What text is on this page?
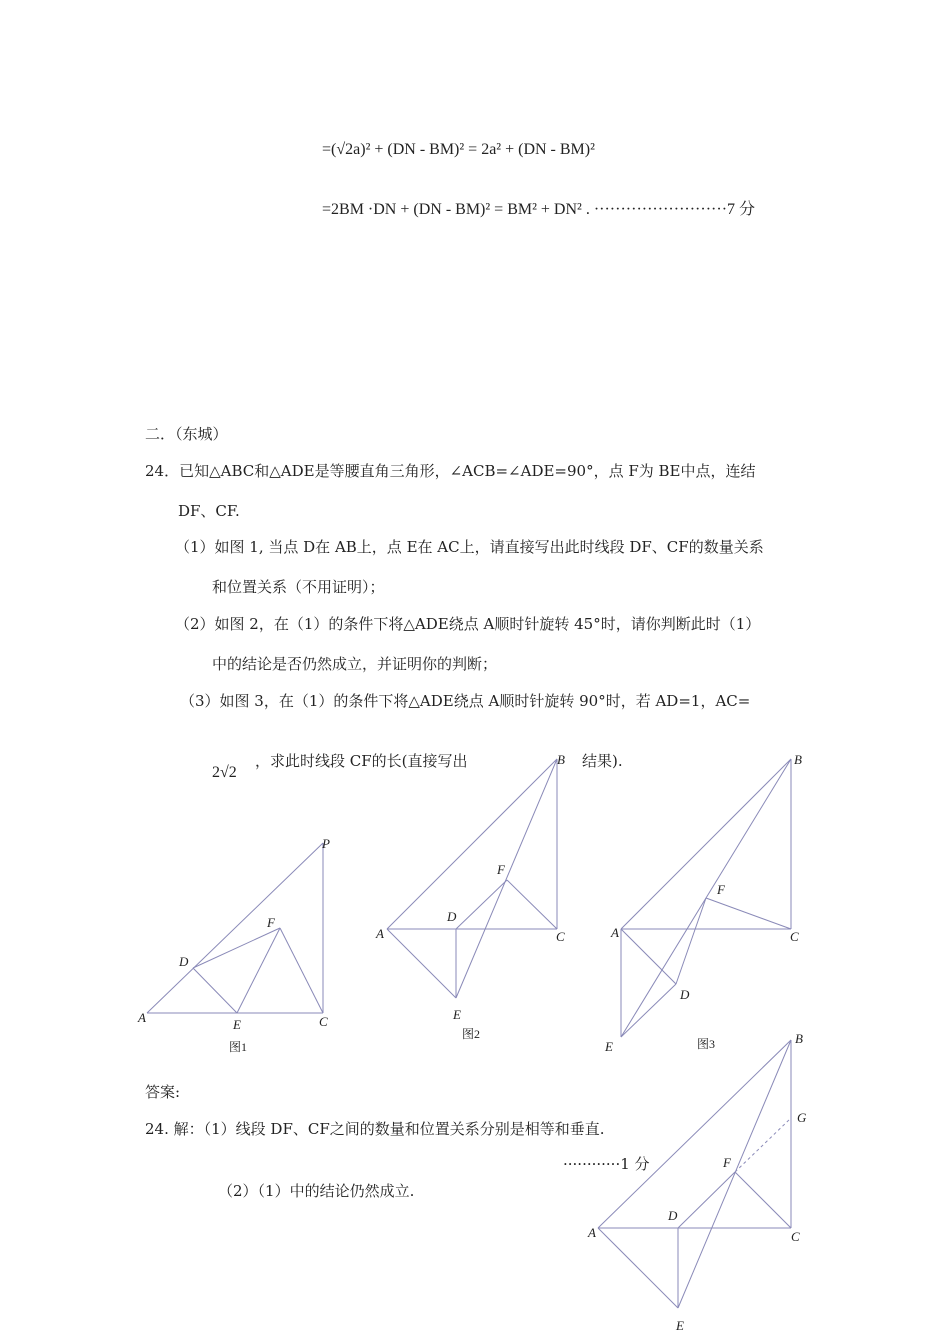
=(√2a)² + (DN - BM)² = 2a² + (DN - BM)²
=2BM ·DN + (DN - BM)² = BM² + DN² . ·························7 分
二．（东城）
24．已知△ABC和△ADE是等腰直角三角形，∠ACB=∠ADE=90°，点 F为 BE中点，连结
DF、CF.
（1）如图 1, 当点 D在 AB上，点 E在 AC上，请直接写出此时线段 DF、CF的数量关系
和位置关系（不用证明）；
（2）如图 2，在（1）的条件下将△ADE绕点 A顺时针旋转 45°时，请你判断此时（1）
中的结论是否仍然成立，并证明你的判断；
（3）如图 3，在（1）的条件下将△ADE绕点 A顺时针旋转 90°时，若 AD=1，AC=
2√2
，求此时线段 CF的长(直接写出	结果).
P
D
F
A	E	C
图1
B
F
D
A	C
E
图2
B
F
A	C
D
E	图3	B
G
F
D
A	C
E
答案:
24. 解：（1）线段 DF、CF之间的数量和位置关系分别是相等和垂直.
············1 分
（2）（1）中的结论仍然成立.
